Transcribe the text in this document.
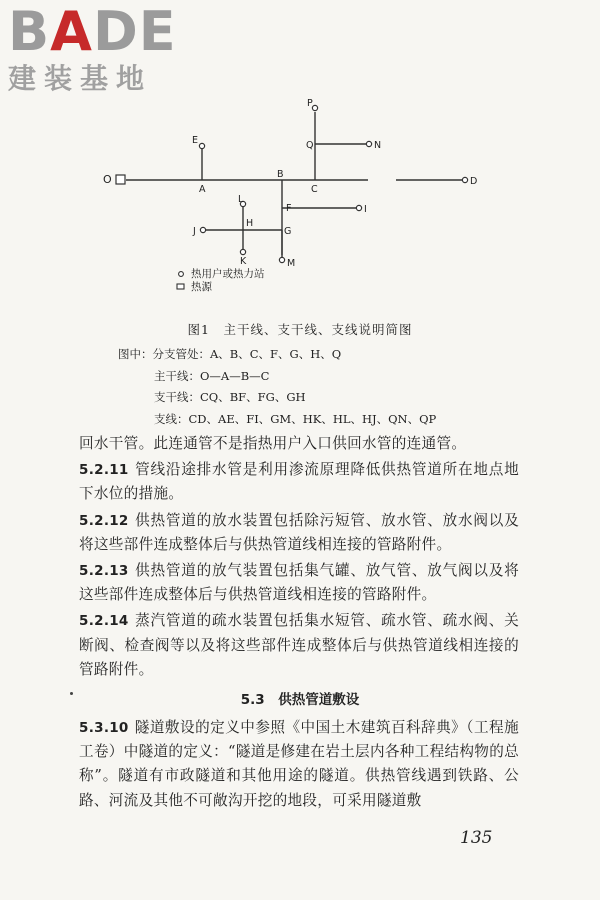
B A DE
建装基地
P
Q	N
E
O
A
B
C
D
L
F	I
J
H
G
K	M
热用户或热力站
热源
图1　主干线、支干线、支线说明简图
图中：分支管处：A、B、C、F、G、H、Q
主干线：O—A—B—C
支干线：CQ、BF、FG、GH
支线：CD、AE、FI、GM、HK、HL、HJ、QN、QP

回水干管。此连通管不是指热用户入口供回水管的连通管。

5.2.11 管线沿途排水管是利用渗流原理降低供热管道所在地点地下水位的措施。

5.2.12 供热管道的放水装置包括除污短管、放水管、放水阀以及将这些部件连成整体后与供热管道线相连接的管路附件。

5.2.13 供热管道的放气装置包括集气罐、放气管、放气阀以及将这些部件连成整体后与供热管道线相连接的管路附件。

5.2.14 蒸汽管道的疏水装置包括集水短管、疏水管、疏水阀、关断阀、检查阀等以及将这些部件连成整体后与供热管道线相连接的管路附件。

5.3　供热管道敷设
5.3.10 隧道敷设的定义中参照《中国土木建筑百科辞典》（工程施工卷）中隧道的定义：“隧道是修建在岩土层内各种工程结构物的总称”。隧道有市政隧道和其他用途的隧道。供热管线遇到铁路、公路、河流及其他不可敞沟开挖的地段，可采用隧道敷
135
